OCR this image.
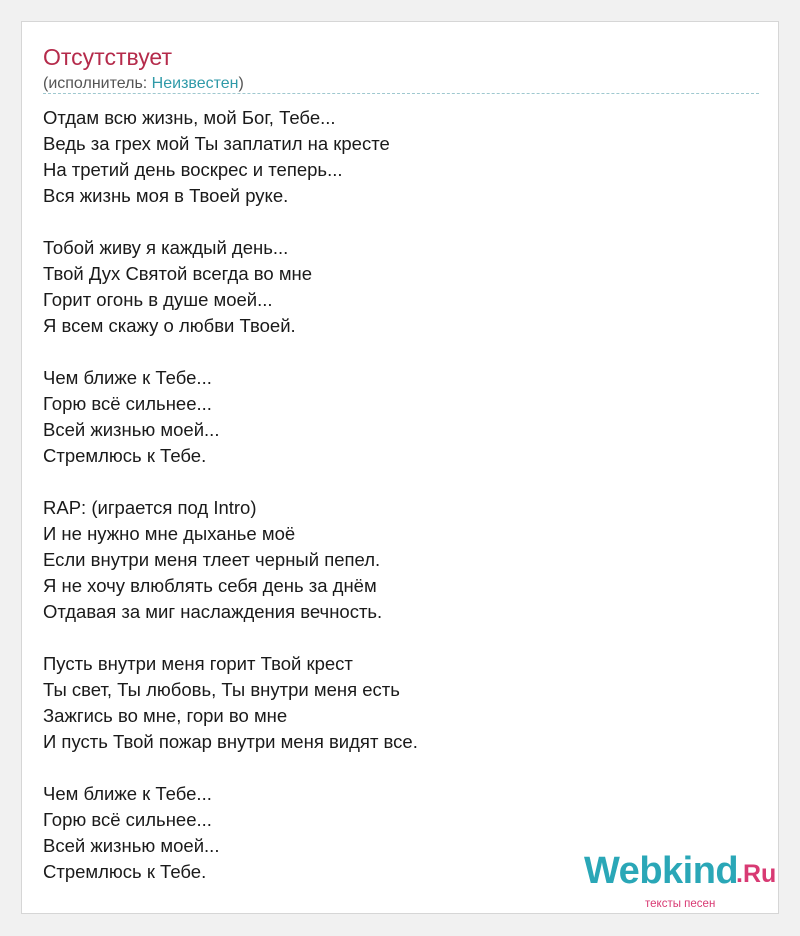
Отсутствует
(исполнитель: Неизвестен)
Отдам всю жизнь, мой Бог, Тебе...
Ведь за грех мой Ты заплатил на кресте
На третий день воскрес и теперь...
Вся жизнь моя в Твоей руке.
Тобой живу я каждый день...
Твой Дух Святой всегда во мне
Горит огонь в душе моей...
Я всем скажу о любви Твоей.
Чем ближе к Тебе...
Горю всё сильнее...
Всей жизнью моей...
Стремлюсь к Тебе.
RAP: (играется под Intro)
И не нужно мне дыханье моё
Если внутри меня тлеет черный пепел.
Я не хочу влюблять себя день за днём
Отдавая за миг наслаждения вечность.
Пусть внутри меня горит Твой крест
Ты свет, Ты любовь, Ты внутри меня есть
Зажгись во мне, гори во мне
И пусть Твой пожар внутри меня видят все.
Чем ближе к Тебе...
Горю всё сильнее...
Всей жизнью моей...
Стремлюсь к Тебе.	Webkind
.Ru
тексты песен
